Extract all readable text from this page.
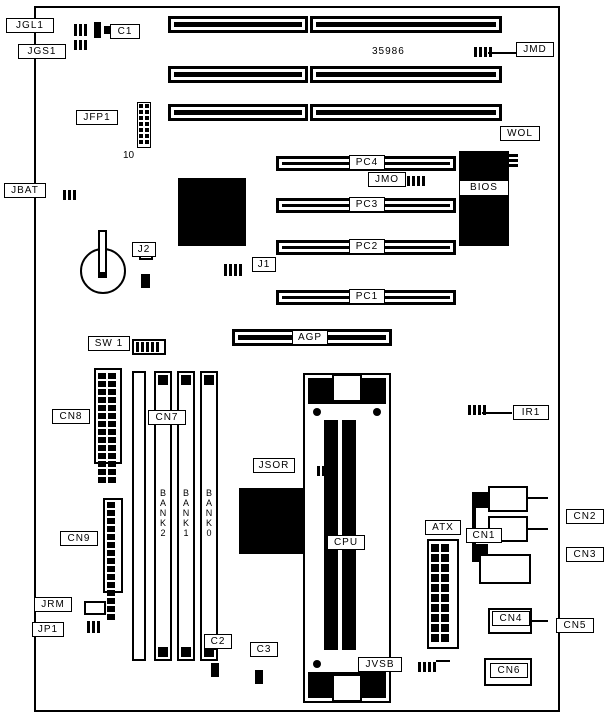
35986
PC4
PC3
PC2
PC1
AGP
BIOS
CPU
ATX
BANK2 BANK1 BANK0
10
JGL1
JGS1
C1
JMD
JFP1
WOL
JBAT
JMO
J2
J1
SW 1
CN8	CN7
CN9
JRM
JP1
JSOR
IR1
CN1
CN2
CN3
CN4
CN5
CN6
C2
C3
JVSB
